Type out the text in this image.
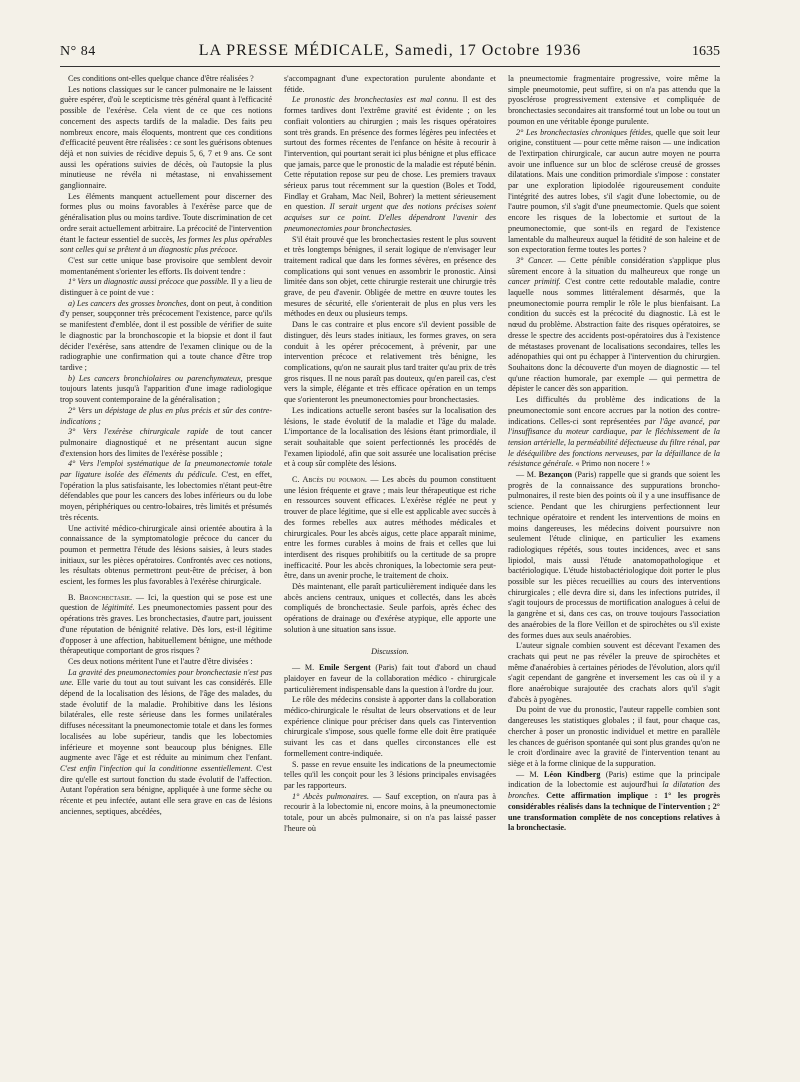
N° 84	LA PRESSE MÉDICALE, Samedi, 17 Octobre 1936	1635

Ces conditions ont-elles quelque chance d'être réalisées ?

Les notions classiques sur le cancer pulmonaire ne le laissent guère espérer, d'où le scepticisme très général quant à l'efficacité possible de l'exérèse. Cela vient de ce que ces notions concernent des aspects tardifs de la maladie. Des faits peu nombreux encore, mais éloquents, montrent que ces conditions d'efficacité peuvent être réalisées : ce sont les guérisons obtenues déjà et non suivies de récidive depuis 5, 6, 7 et 9 ans. Ce sont aussi les opérations suivies de décès, où l'autopsie la plus minutieuse ne révéla ni métastase, ni envahissement ganglionnaire.

Les éléments manquent actuellement pour discerner des formes plus ou moins favorables à l'exérèse parce que de généralisation plus ou moins tardive. Toute discrimination de cet ordre serait actuellement arbitraire. La précocité de l'intervention étant le facteur essentiel de succès, les formes les plus opérables sont celles qui se prêtent à un diagnostic plus précoce.

C'est sur cette unique base provisoire que semblent devoir momentanément s'orienter les efforts. Ils doivent tendre :

1° Vers un diagnostic aussi précoce que possible. Il y a lieu de distinguer à ce point de vue :

a) Les cancers des grosses bronches, dont on peut, à condition d'y penser, soupçonner très précocement l'existence, parce qu'ils se manifestent d'emblée, dont il est possible de vérifier de suite le diagnostic par la bronchoscopie et la biopsie et dont il faut décider l'exérèse, sans attendre de l'examen clinique ou de la radiographie une confirmation qui a toute chance d'être trop tardive ;

b) Les cancers bronchiolaires ou parenchymateux, presque toujours latents jusqu'à l'apparition d'une image radiologique trop souvent contemporaine de la généralisation ;

2° Vers un dépistage de plus en plus précis et sûr des contre-indications ;

3° Vers l'exérèse chirurgicale rapide de tout cancer pulmonaire diagnostiqué et ne présentant aucun signe d'extension hors des limites de l'exérèse possible ;

4° Vers l'emploi systématique de la pneumonectomie totale par ligature isolée des éléments du pédicule. C'est, en effet, l'opération la plus satisfaisante, les lobectomies n'étant peut-être défendables que pour les cancers des lobes inférieurs ou du lobe moyen, périphériques ou centro-lobaires, très limités et présumés très récents.

Une activité médico-chirurgicale ainsi orientée aboutira à la connaissance de la symptomatologie précoce du cancer du poumon et permettra l'étude des lésions saisies, à leurs stades initiaux, sur les pièces opératoires. Confrontés avec ces notions, les résultats obtenus permettront peut-être de préciser, à bon escient, les formes les plus favorables à l'exérèse chirurgicale.

B. Bronchectasie. — Ici, la question qui se pose est une question de légitimité. Les pneumonectomies passent pour des opérations très graves. Les bronchectasies, d'autre part, jouissent d'une réputation de bénignité relative. Dès lors, est-il légitime d'opposer à une affection, habituellement bénigne, une méthode thérapeutique comportant de gros risques ?

Ces deux notions méritent l'une et l'autre d'être divisées :

La gravité des pneumonectomies pour bronchectasie n'est pas une. Elle varie du tout au tout suivant les cas considérés. Elle dépend de la localisation des lésions, de l'âge des malades, du stade évolutif de la maladie. Prohibitive dans les lésions bilatérales, elle reste sérieuse dans les formes unilatérales diffuses nécessitant la pneumonectomie totale et dans les formes localisées au lobe supérieur, tandis que les lobectomies inférieure et moyenne sont beaucoup plus bénignes. Elle augmente avec l'âge et est réduite au minimum chez l'enfant. C'est enfin l'infection qui la conditionne essentiellement. C'est dire qu'elle est surtout fonction du stade évolutif de l'affection. Autant l'opération sera bénigne, appliquée à une forme sèche ou récente et peu infectée, autant elle sera grave en cas de lésions anciennes, septiques, abcédées,

s'accompagnant d'une expectoration purulente abondante et fétide.

Le pronostic des bronchectasies est mal connu. Il est des formes tardives dont l'extrême gravité est évidente ; on les confiait volontiers au chirurgien ; mais les risques opératoires sont très grands. En présence des formes légères peu infectées et surtout des formes récentes de l'enfance on hésite à recourir à l'intervention, qui pourtant serait ici plus bénigne et plus efficace que jamais, parce que le pronostic de la maladie est réputé bénin. Cette réputation repose sur peu de chose. Les premiers travaux sérieux parus tout récemment sur la question (Boles et Todd, Findlay et Graham, Mac Neil, Bohrer) la mettent sérieusement en question. Il serait urgent que des notions précises soient acquises sur ce point. D'elles dépendront l'avenir des pneumonectomies pour bronchectasies.

S'il était prouvé que les bronchectasies restent le plus souvent et très longtemps bénignes, il serait logique de n'envisager leur traitement radical que dans les formes sévères, en présence des complications qui sont venues en assombrir le pronostic. Ainsi limitée dans son objet, cette chirurgie resterait une chirurgie très grave, de peu d'avenir. Obligée de mettre en œuvre toutes les mesures de sécurité, elle s'orienterait de plus en plus vers les méthodes en deux ou plusieurs temps.

Dans le cas contraire et plus encore s'il devient possible de distinguer, dès leurs stades initiaux, les formes graves, on sera conduit à les opérer précocement, à prévenir, par une intervention précoce et relativement très bénigne, les complications, qu'on ne saurait plus tard traiter qu'au prix de très gros risques. Il ne nous paraît pas douteux, qu'en pareil cas, c'est vers la simple, élégante et très efficace opération en un temps que s'orienteront les pneumonectomies pour bronchectasies.

Les indications actuelle seront basées sur la localisation des lésions, le stade évolutif de la maladie et l'âge du malade. L'importance de la localisation des lésions étant primordiale, il serait souhaitable que soient perfectionnés les procédés de l'examen lipiodolé, afin que soit assurée une localisation précise et à coup sûr complète des lésions.

C. Abcès du poumon. — Les abcès du poumon constituent une lésion fréquente et grave ; mais leur thérapeutique est riche en ressources souvent efficaces. L'exérèse réglée ne peut y trouver de place légitime, que si elle est applicable avec succès à des formes rebelles aux autres méthodes médicales et chirurgicales. Pour les abcès aigus, cette place apparaît minime, entre les formes curables à moins de frais et celles que lui interdisent des risques prohibitifs ou la certitude de sa propre inefficacité. Pour les abcès chroniques, la lobectomie sera peut-être, dans un avenir proche, le traitement de choix.

Dès maintenant, elle paraît particulièrement indiquée dans les abcès anciens centraux, uniques et collectés, dans les abcès compliqués de bronchectasie. Seule parfois, après échec des opérations de drainage ou d'exérèse atypique, elle apporte une solution à une situation sans issue.

Discussion.

— M. Emile Sergent (Paris) fait tout d'abord un chaud plaidoyer en faveur de la collaboration médico - chirurgicale particulièrement indispensable dans la question à l'ordre du jour.

Le rôle des médecins consiste à apporter dans la collaboration médico-chirurgicale le résultat de leurs observations et de leur expérience clinique pour préciser dans quels cas l'intervention chirurgicale s'impose, sous quelle forme elle doit être pratiquée suivant les cas et dans quelles circonstances elle est formellement contre-indiquée.

S. passe en revue ensuite les indications de la pneumectomie telles qu'il les conçoit pour les 3 lésions principales envisagées par les rapporteurs.

1° Abcès pulmonaires. — Sauf exception, on n'aura pas à recourir à la lobectomie ni, encore moins, à la pneumonectomie totale, pour un abcès pulmonaire, si on n'a pas laissé passer l'heure où

la pneumectomie fragmentaire progressive, voire même la simple pneumotomie, peut suffire, si on n'a pas attendu que la pyosclérose progressivement extensive et compliquée de bronchectasies secondaires ait transformé tout un lobe ou tout un poumon en une véritable éponge purulente.

2° Les bronchectasies chroniques fétides, quelle que soit leur origine, constituent — pour cette même raison — une indication de l'extirpation chirurgicale, car aucun autre moyen ne pourra avoir une influence sur un bloc de sclérose creusé de grosses dilatations. Mais une condition primordiale s'impose : constater par une exploration lipiodolée rigoureusement conduite l'intégrité des autres lobes, s'il s'agit d'une lobectomie, ou de l'autre poumon, s'il s'agit d'une pneumectomie. Quels que soient encore les risques de la lobectomie et surtout de la pneumonectomie, que sont-ils en regard de l'existence lamentable du malheureux auquel la fétidité de son haleine et de son expectoration ferme toutes les portes ?

3° Cancer. — Cette pénible considération s'applique plus sûrement encore à la situation du malheureux que ronge un cancer primitif. C'est contre cette redoutable maladie, contre laquelle nous sommes littéralement désarmés, que la pneumonectomie pourra remplir le rôle le plus bienfaisant. La condition du succès est la précocité du diagnostic. Là est le nœud du problème. Abstraction faite des risques opératoires, se dresse le spectre des accidents post-opératoires dus à l'existence de métastases provenant de localisations secondaires, telles les adénopathies qui ont pu échapper à l'intervention du chirurgien. Souhaitons donc la découverte d'un moyen de diagnostic — tel qu'une réaction humorale, par exemple — qui permettra de dépister le cancer dès son apparition.

Les difficultés du problème des indications de la pneumonectomie sont encore accrues par la notion des contre-indications. Celles-ci sont représentées par l'âge avancé, par l'insuffisance du moteur cardiaque, par le fléchissement de la tension artérielle, la perméabilité défectueuse du filtre rénal, par le déséquilibre des fonctions nerveuses, par la défaillance de la résistance générale. « Primo non nocere ! »

— M. Bezançon (Paris) rappelle que si grands que soient les progrès de la connaissance des suppurations broncho-pulmonaires, il reste bien des points où il y a une insuffisance de science. Pendant que les chirurgiens perfectionnent leur technique opératoire et rendent les interventions de moins en moins dangereuses, les médecins doivent poursuivre non seulement l'étude clinique, en particulier les examens radiologiques répétés, sous toutes incidences, avec et sans lipiodol, mais aussi l'étude anatomopathologique et bactériologique. L'étude histobactériologique doit porter le plus possible sur les pièces recueillies au cours des interventions chirurgicales ; elle devra dire si, dans les infections putrides, il s'agit toujours de processus de mortification analogues à celui de la gangrène et si, dans ces cas, on trouve toujours l'association des anaérobies de la flore Veillon et de spirochètes ou s'il existe des formes dues aux seuls anaérobies.

L'auteur signale combien souvent est décevant l'examen des crachats qui peut ne pas révéler la preuve de spirochètes et même d'anaérobies à certaines périodes de l'évolution, alors qu'il s'agit cependant de gangrène et inversement les cas où il y a flore anaérobique surajoutée des crachats alors qu'il s'agit d'abcès à pyogènes.

Du point de vue du pronostic, l'auteur rappelle combien sont dangereuses les statistiques globales ; il faut, pour chaque cas, chercher à poser un pronostic individuel et mettre en parallèle les chances de guérison spontanée qui sont plus grandes qu'on ne le croit d'ordinaire avec la gravité de l'intervention tenant au siège et à la forme clinique de la suppuration.

— M. Léon Kindberg (Paris) estime que la principale indication de la lobectomie est aujourd'hui la dilatation des bronches. Cette affirmation implique : 1° les progrès considérables réalisés dans la technique de l'intervention ; 2° une transformation complète de nos conceptions relatives à la bronchectasie.
